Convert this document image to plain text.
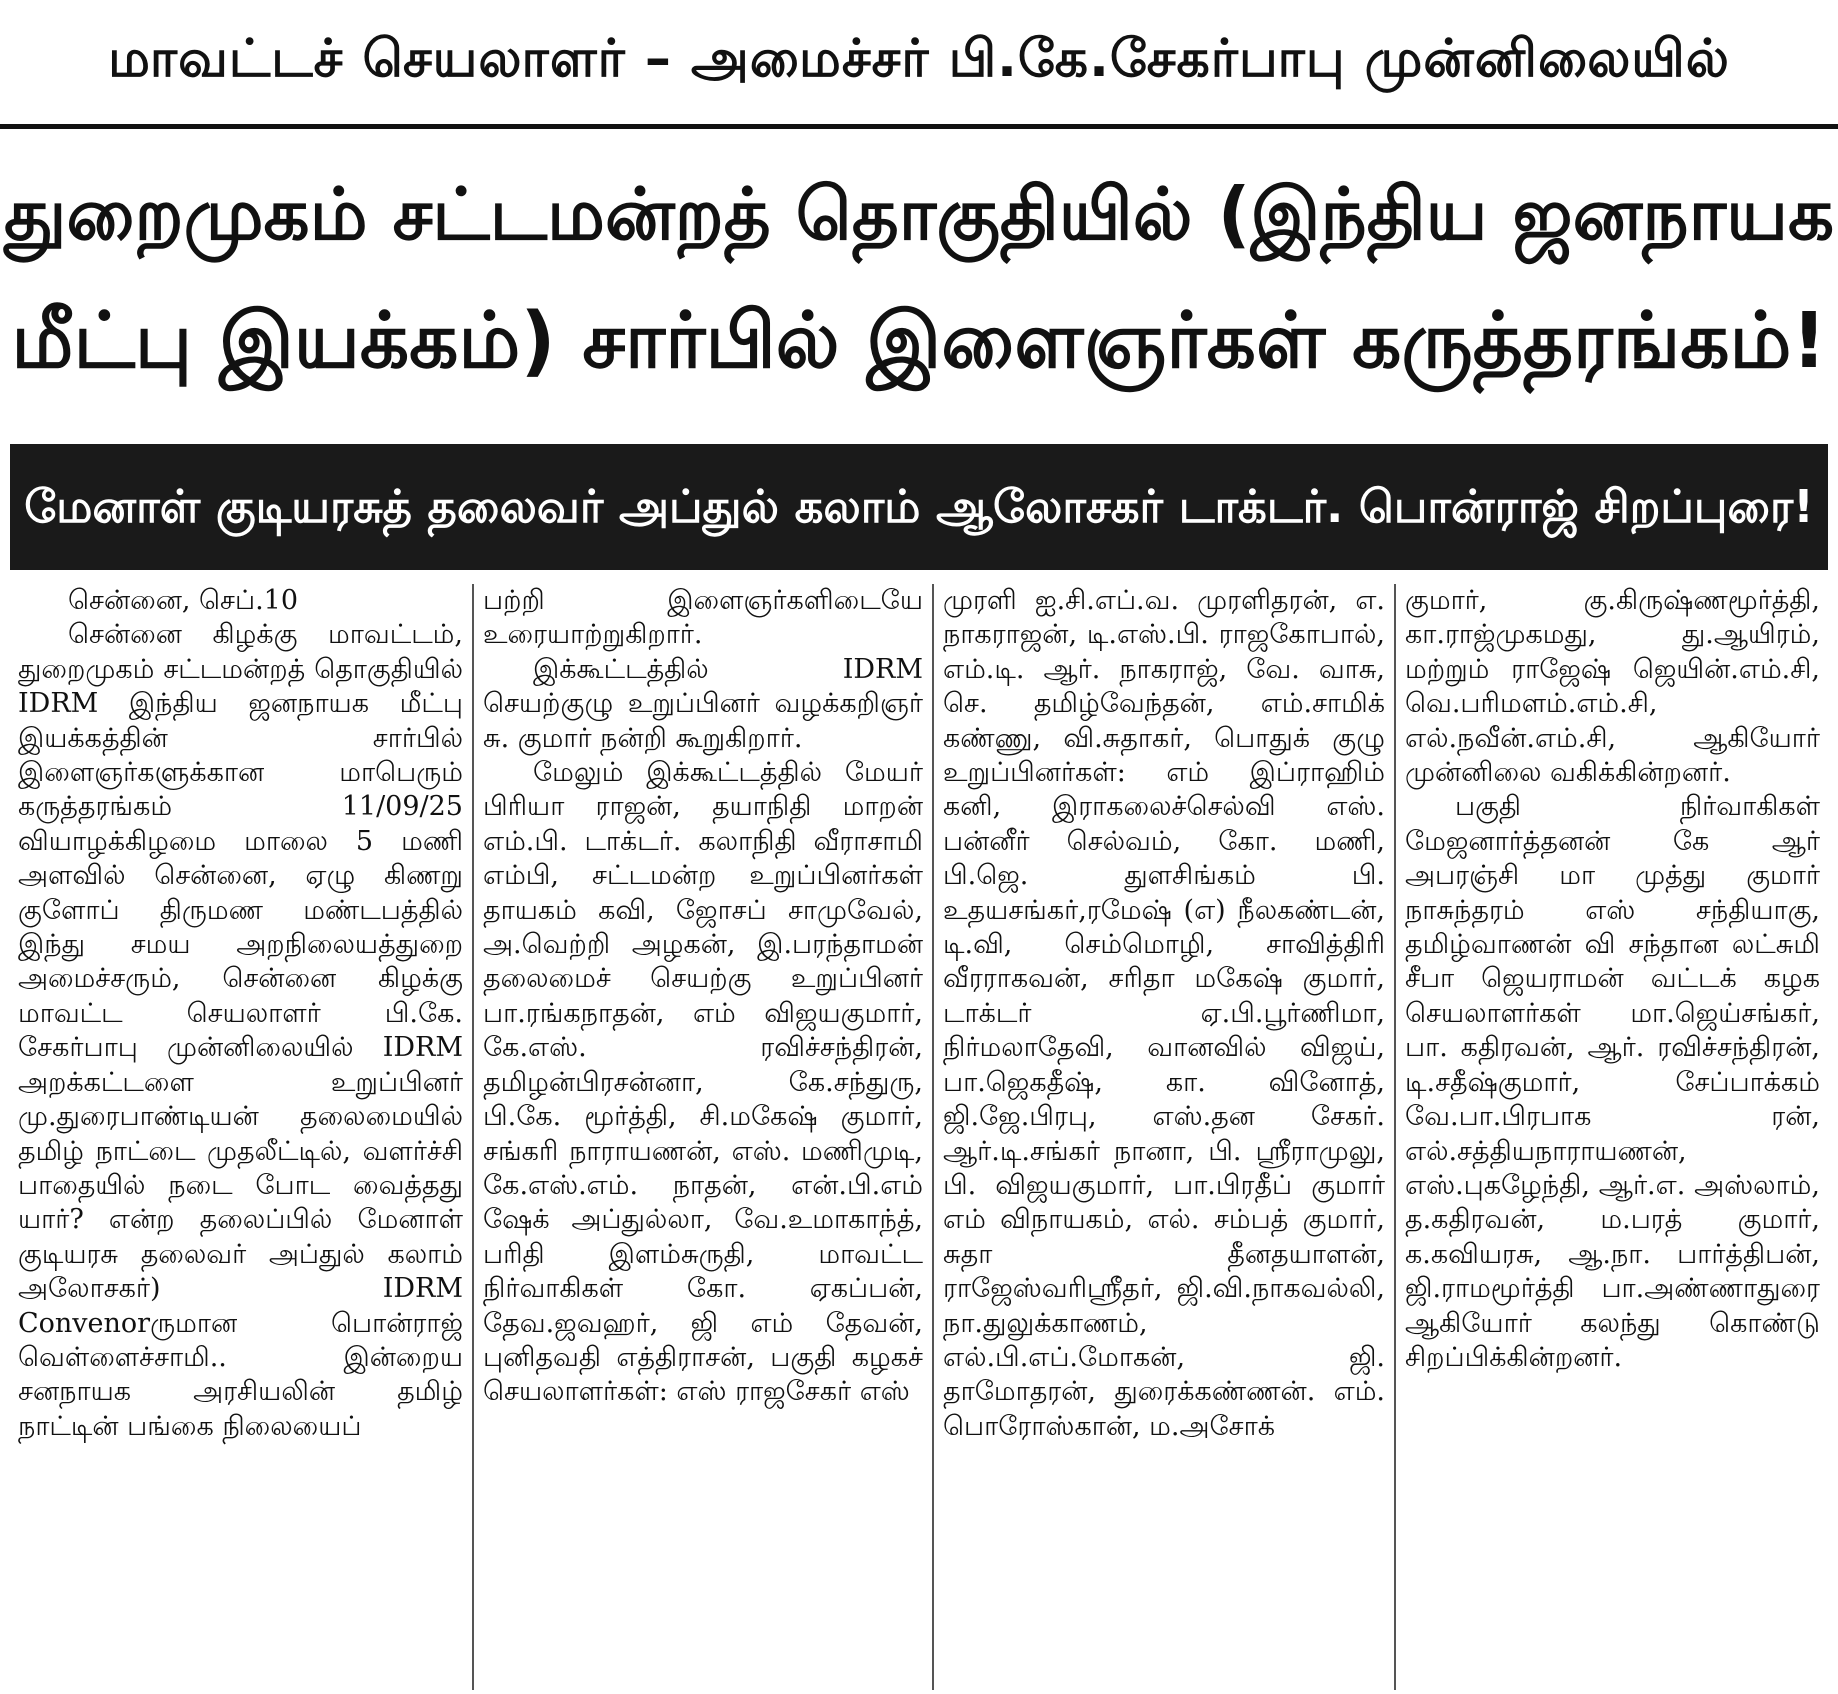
மாவட்டச் செயலாளர் – அமைச்சர் பி.கே.சேகர்பாபு முன்னிலையில்
துறைமுகம் சட்டமன்றத் தொகுதியில் (இந்திய ஜனநாயக
மீட்பு இயக்கம்) சார்பில் இளைஞர்கள் கருத்தரங்கம்!
மேனாள் குடியரசுத் தலைவர் அப்துல் கலாம் ஆலோசகர் டாக்டர். பொன்ராஜ் சிறப்புரை!

சென்னை, செப்.10

சென்னை கிழக்கு மாவட்டம், துறைமுகம் சட்டமன்றத் தொகுதியில் IDRM இந்திய ஜனநாயக மீட்பு இயக்கத்தின் சார்பில் இளைஞர்களுக்கான மாபெரும் கருத்தரங்கம் 11/09/25 வியாழக்கிழமை மாலை 5 மணி அளவில் சென்னை, ஏழு கிணறு குளோப் திருமண மண்டபத்தில் இந்து சமய அறநிலையத்துறை அமைச்சரும், சென்னை கிழக்கு மாவட்ட செயலாளர் பி.கே. சேகர்பாபு முன்னிலையில் IDRM அறக்கட்டளை உறுப்பினர் மு.துரைபாண்டியன் தலைமையில் தமிழ் நாட்டை முதலீட்டில், வளர்ச்சி பாதையில் நடை போட வைத்தது யார்? என்ற தலைப்பில் மேனாள் குடியரசு தலைவர் அப்துல் கலாம் அலோசகர்) IDRM Convenorருமான பொன்ராஜ் வெள்ளைச்சாமி.. இன்றைய சனநாயக அரசியலின் தமிழ் நாட்டின் பங்கை நிலையைப்

பற்றி இளைஞர்களிடையே உரையாற்றுகிறார்.

இக்கூட்டத்தில் IDRM செயற்குழு உறுப்பினர் வழக்கறிஞர் சு. குமார் நன்றி கூறுகிறார்.

மேலும் இக்கூட்டத்தில் மேயர் பிரியா ராஜன், தயாநிதி மாறன் எம்.பி. டாக்டர். கலாநிதி வீராசாமி எம்பி, சட்டமன்ற உறுப்பினர்கள் தாயகம் கவி, ஜோசப் சாமுவேல், அ.வெற்றி அழகன், இ.பரந்தாமன் தலைமைச் செயற்கு உறுப்பினர் பா.ரங்கநாதன், எம் விஜயகுமார், கே.எஸ். ரவிச்சந்திரன், தமிழன்பிரசன்னா, கே.சந்துரு, பி.கே. மூர்த்தி, சி.மகேஷ் குமார், சங்கரி நாராயணன், எஸ். மணிமுடி, கே.எஸ்.எம். நாதன், என்.பி.எம் ஷேக் அப்துல்லா, வே.உமாகாந்த், பரிதி இளம்சுருதி, மாவட்ட நிர்வாகிகள் கோ. ஏகப்பன், தேவ.ஜவஹர், ஜி எம் தேவன், புனிதவதி எத்திராசன், பகுதி கழகச் செயலாளர்கள்: எஸ் ராஜசேகர் எஸ்

முரளி ஐ.சி.எப்.வ. முரளிதரன், எ. நாகராஜன், டி.எஸ்.பி. ராஜகோபால், எம்.டி. ஆர். நாகராஜ், வே. வாசு, செ. தமிழ்வேந்தன், எம்.சாமிக் கண்ணு, வி.சுதாகர், பொதுக் குழு உறுப்பினர்கள்: எம் இப்ராஹிம் கனி, இராகலைச்செல்வி எஸ். பன்னீர் செல்வம், கோ. மணி, பி.ஜெ. துளசிங்கம் பி. உதயசங்கர்,ரமேஷ் (எ) நீலகண்டன், டி.வி, செம்மொழி, சாவித்திரி வீரராகவன், சரிதா மகேஷ் குமார், டாக்டர் ஏ.பி.பூர்ணிமா, நிர்மலாதேவி, வானவில் விஜய், பா.ஜெகதீஷ், கா. வினோத், ஜி.ஜே.பிரபு, எஸ்.தன சேகர். ஆர்.டி.சங்கர் நானா, பி. ஸ்ரீராமுலு, பி. விஜயகுமார், பா.பிரதீப் குமார் எம் விநாயகம், எல். சம்பத் குமார், சுதா தீனதயாளன், ராஜேஸ்வரிஸ்ரீதர், ஜி.வி.நாகவல்லி, நா.துலுக்காணம், எல்.பி.எப்.மோகன், ஜி. தாமோதரன், துரைக்கண்ணன். எம். பொரோஸ்கான், ம.அசோக்

குமார், கு.கிருஷ்ணமூர்த்தி, கா.ராஜ்முகமது, து.ஆயிரம், மற்றும் ராஜேஷ் ஜெயின்.எம்.சி, வெ.பரிமளம்.எம்.சி, எல்.நவீன்.எம்.சி, ஆகியோர் முன்னிலை வகிக்கின்றனர்.

பகுதி நிர்வாகிகள் மேஜனார்த்தனன் கே ஆர் அபரஞ்சி மா முத்து குமார் நாசுந்தரம் எஸ் சந்தியாகு, தமிழ்வாணன் வி சந்தான லட்சுமி சீபா ஜெயராமன் வட்டக் கழக செயலாளர்கள் மா.ஜெய்சங்கர், பா. கதிரவன், ஆர். ரவிச்சந்திரன், டி.சதீஷ்குமார், சேப்பாக்கம் வே.பா.பிரபாக ரன், எல்.சத்தியநாராயணன், எஸ்.புகழேந்தி, ஆர்.எ. அஸ்லாம், த.கதிரவன், ம.பரத் குமார், க.கவியரசு, ஆ.நா. பார்த்திபன், ஜி.ராமமூர்த்தி பா.அண்ணாதுரை ஆகியோர் கலந்து கொண்டு சிறப்பிக்கின்றனர்.
